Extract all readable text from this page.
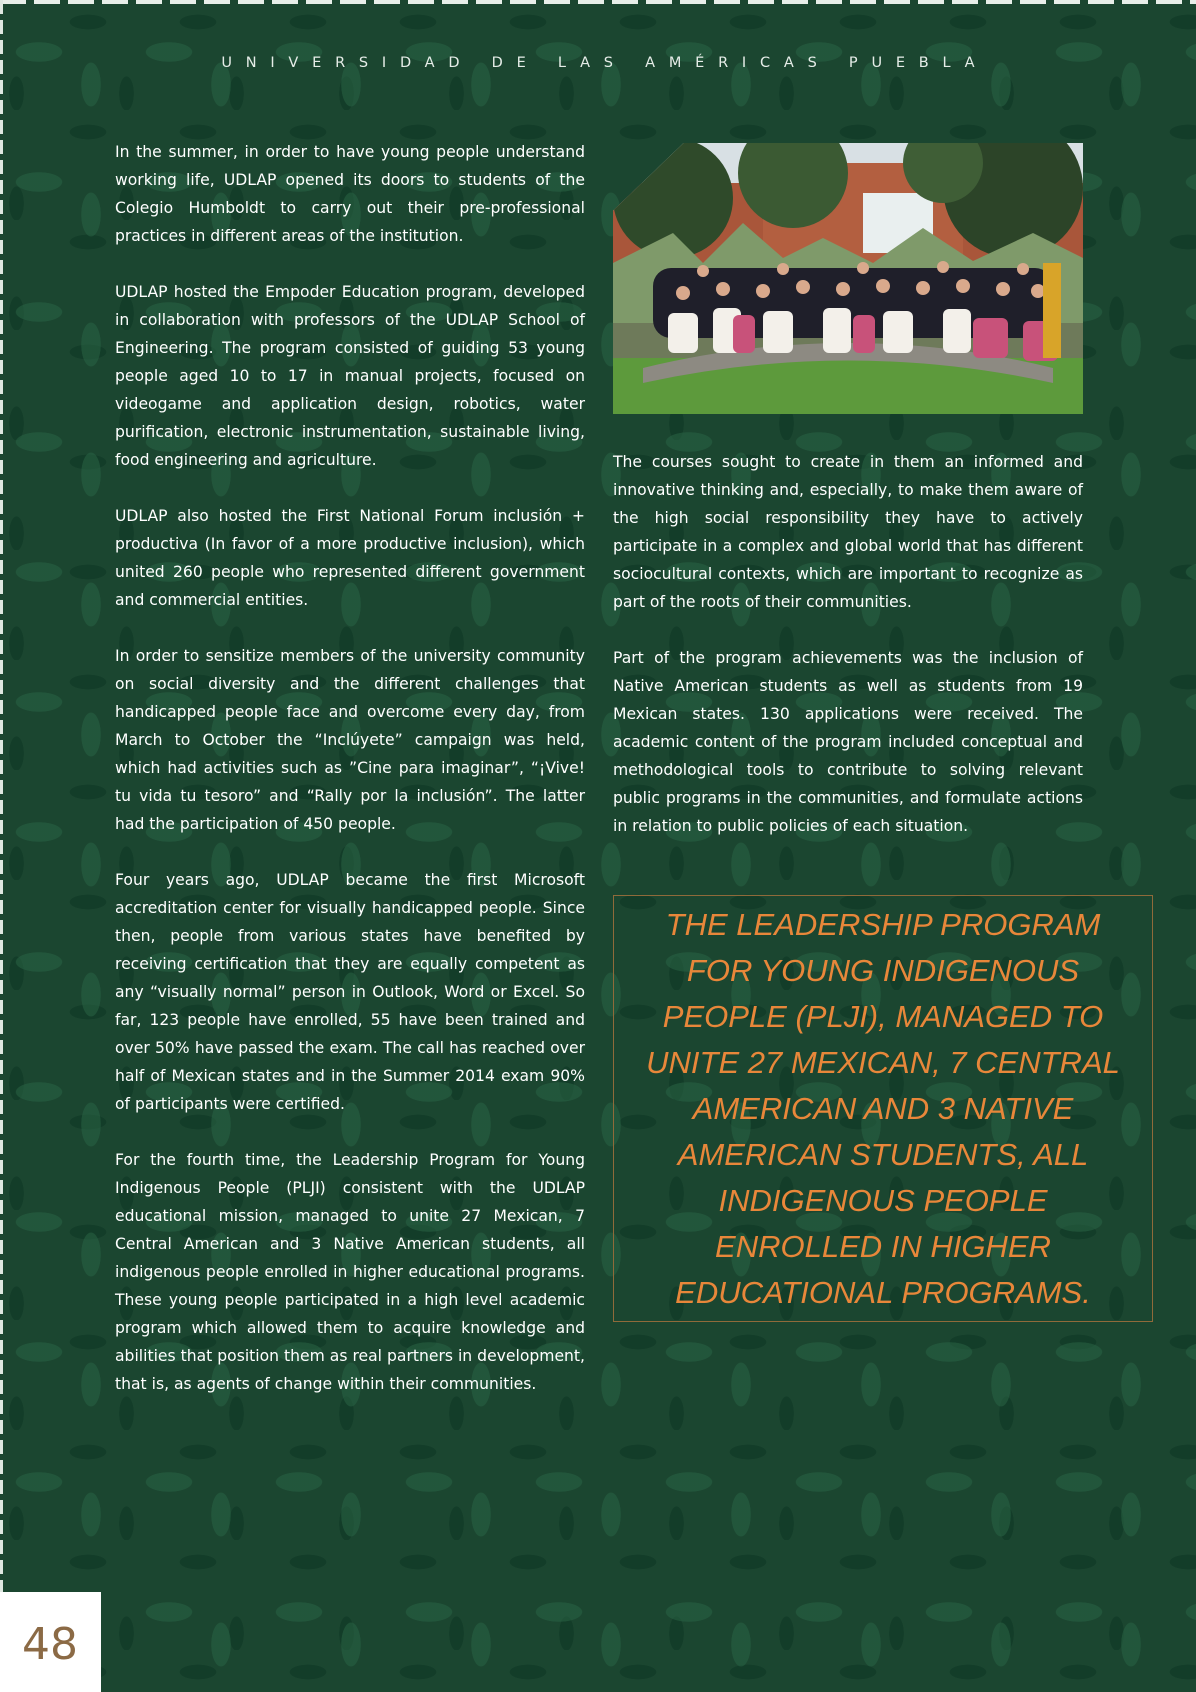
UNIVERSIDAD DE LAS AMÉRICAS PUEBLA

In the summer, in order to have young people understand working life, UDLAP opened its doors to students of the Colegio Humboldt to carry out their pre-professional practices in different areas of the institution.

UDLAP hosted the Empoder Education program, developed in collaboration with professors of the UDLAP School of Engineering. The program consisted of guiding 53 young people aged 10 to 17 in manual projects, focused on videogame and application design, robotics, water purification, electronic instrumentation, sustainable living, food engineering and agriculture.

UDLAP also hosted the First National Forum inclusión + productiva (In favor of a more productive inclusion), which united 260 people who represented different government and commercial entities.

In order to sensitize members of the university community on social diversity and the different challenges that handicapped people face and overcome every day, from March to October the “Inclúyete” campaign was held, which had activities such as ”Cine para imaginar”, “¡Vive! tu vida tu tesoro” and “Rally por la inclusión”. The latter had the participation of 450 people.

Four years ago, UDLAP became the first Microsoft accreditation center for visually handicapped people. Since then, people from various states have benefited by receiving certification that they are equally competent as any “visually normal” person in Outlook, Word or Excel. So far, 123 people have enrolled, 55 have been trained and over 50% have passed the exam. The call has reached over half of Mexican states and in the Summer 2014 exam 90% of participants were certified.

For the fourth time, the Leadership Program for Young Indigenous People (PLJI) consistent with the UDLAP educational mission, managed to unite 27 Mexican, 7 Central American and 3 Native American students, all indigenous people enrolled in higher educational programs. These young people participated in a high level academic program which allowed them to acquire knowledge and abilities that position them as real partners in development, that is, as agents of change within their communities.

The courses sought to create in them an informed and innovative thinking and, especially, to make them aware of the high social responsibility they have to actively participate in a complex and global world that has different sociocultural contexts, which are important to recognize as part of the roots of their communities.

Part of the program achievements was the inclusion of Native American students as well as students from 19 Mexican states. 130 applications were received. The academic content of the program included conceptual and methodological tools to contribute to solving relevant public programs in the communities, and formulate actions in relation to public policies of each situation.

THE LEADERSHIP PROGRAM FOR YOUNG INDIGENOUS PEOPLE (PLJI), MANAGED TO UNITE 27 MEXICAN, 7 CENTRAL AMERICAN AND 3 NATIVE AMERICAN STUDENTS, ALL INDIGENOUS PEOPLE ENROLLED IN HIGHER EDUCATIONAL PROGRAMS.

48
